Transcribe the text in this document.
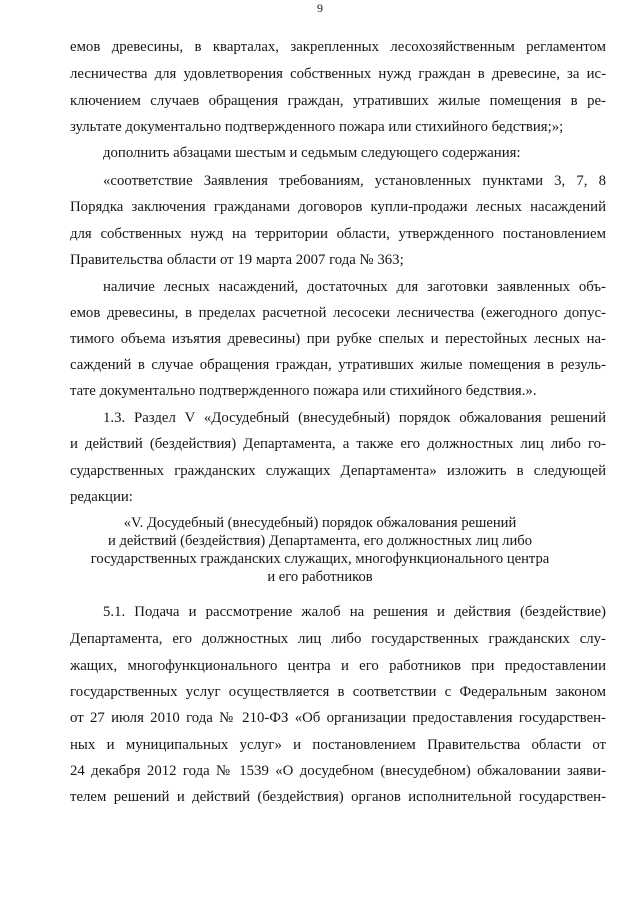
9
емов древесины, в кварталах, закрепленных лесохозяйственным регламентом
лесничества для удовлетворения собственных нужд граждан в древесине, за ис-
ключением случаев обращения граждан, утративших жилые помещения в ре-
зультате документально подтвержденного пожара или стихийного бедствия;»;
дополнить абзацами шестым и седьмым следующего содержания:
«соответствие Заявления требованиям, установленных пунктами 3, 7, 8
Порядка заключения гражданами договоров купли-продажи лесных насаждений
для собственных нужд на территории области, утвержденного постановлением
Правительства области от 19 марта 2007 года № 363;
наличие лесных насаждений, достаточных для заготовки заявленных объ-
емов древесины, в пределах расчетной лесосеки лесничества (ежегодного допус-
тимого объема изъятия древесины) при рубке спелых и перестойных лесных на-
саждений в случае обращения граждан, утративших жилые помещения в резуль-
тате документально подтвержденного пожара или стихийного бедствия.».
1.3. Раздел V «Досудебный (внесудебный) порядок обжалования решений
и действий (бездействия) Департамента, а также его должностных лиц либо го-
сударственных гражданских служащих Департамента» изложить в следующей
редакции:
«V. Досудебный (внесудебный) порядок обжалования решений
и действий (бездействия) Департамента, его должностных лиц либо
государственных гражданских служащих, многофункционального центра
и его работников
5.1. Подача и рассмотрение жалоб на решения и действия (бездействие)
Департамента, его должностных лиц либо государственных гражданских слу-
жащих, многофункционального центра и его работников при предоставлении
государственных услуг осуществляется в соответствии с Федеральным законом
от 27 июля 2010 года № 210-ФЗ «Об организации предоставления государствен-
ных и муниципальных услуг» и постановлением Правительства области от
24 декабря 2012 года № 1539 «О досудебном (внесудебном) обжаловании заяви-
телем решений и действий (бездействия) органов исполнительной государствен-
